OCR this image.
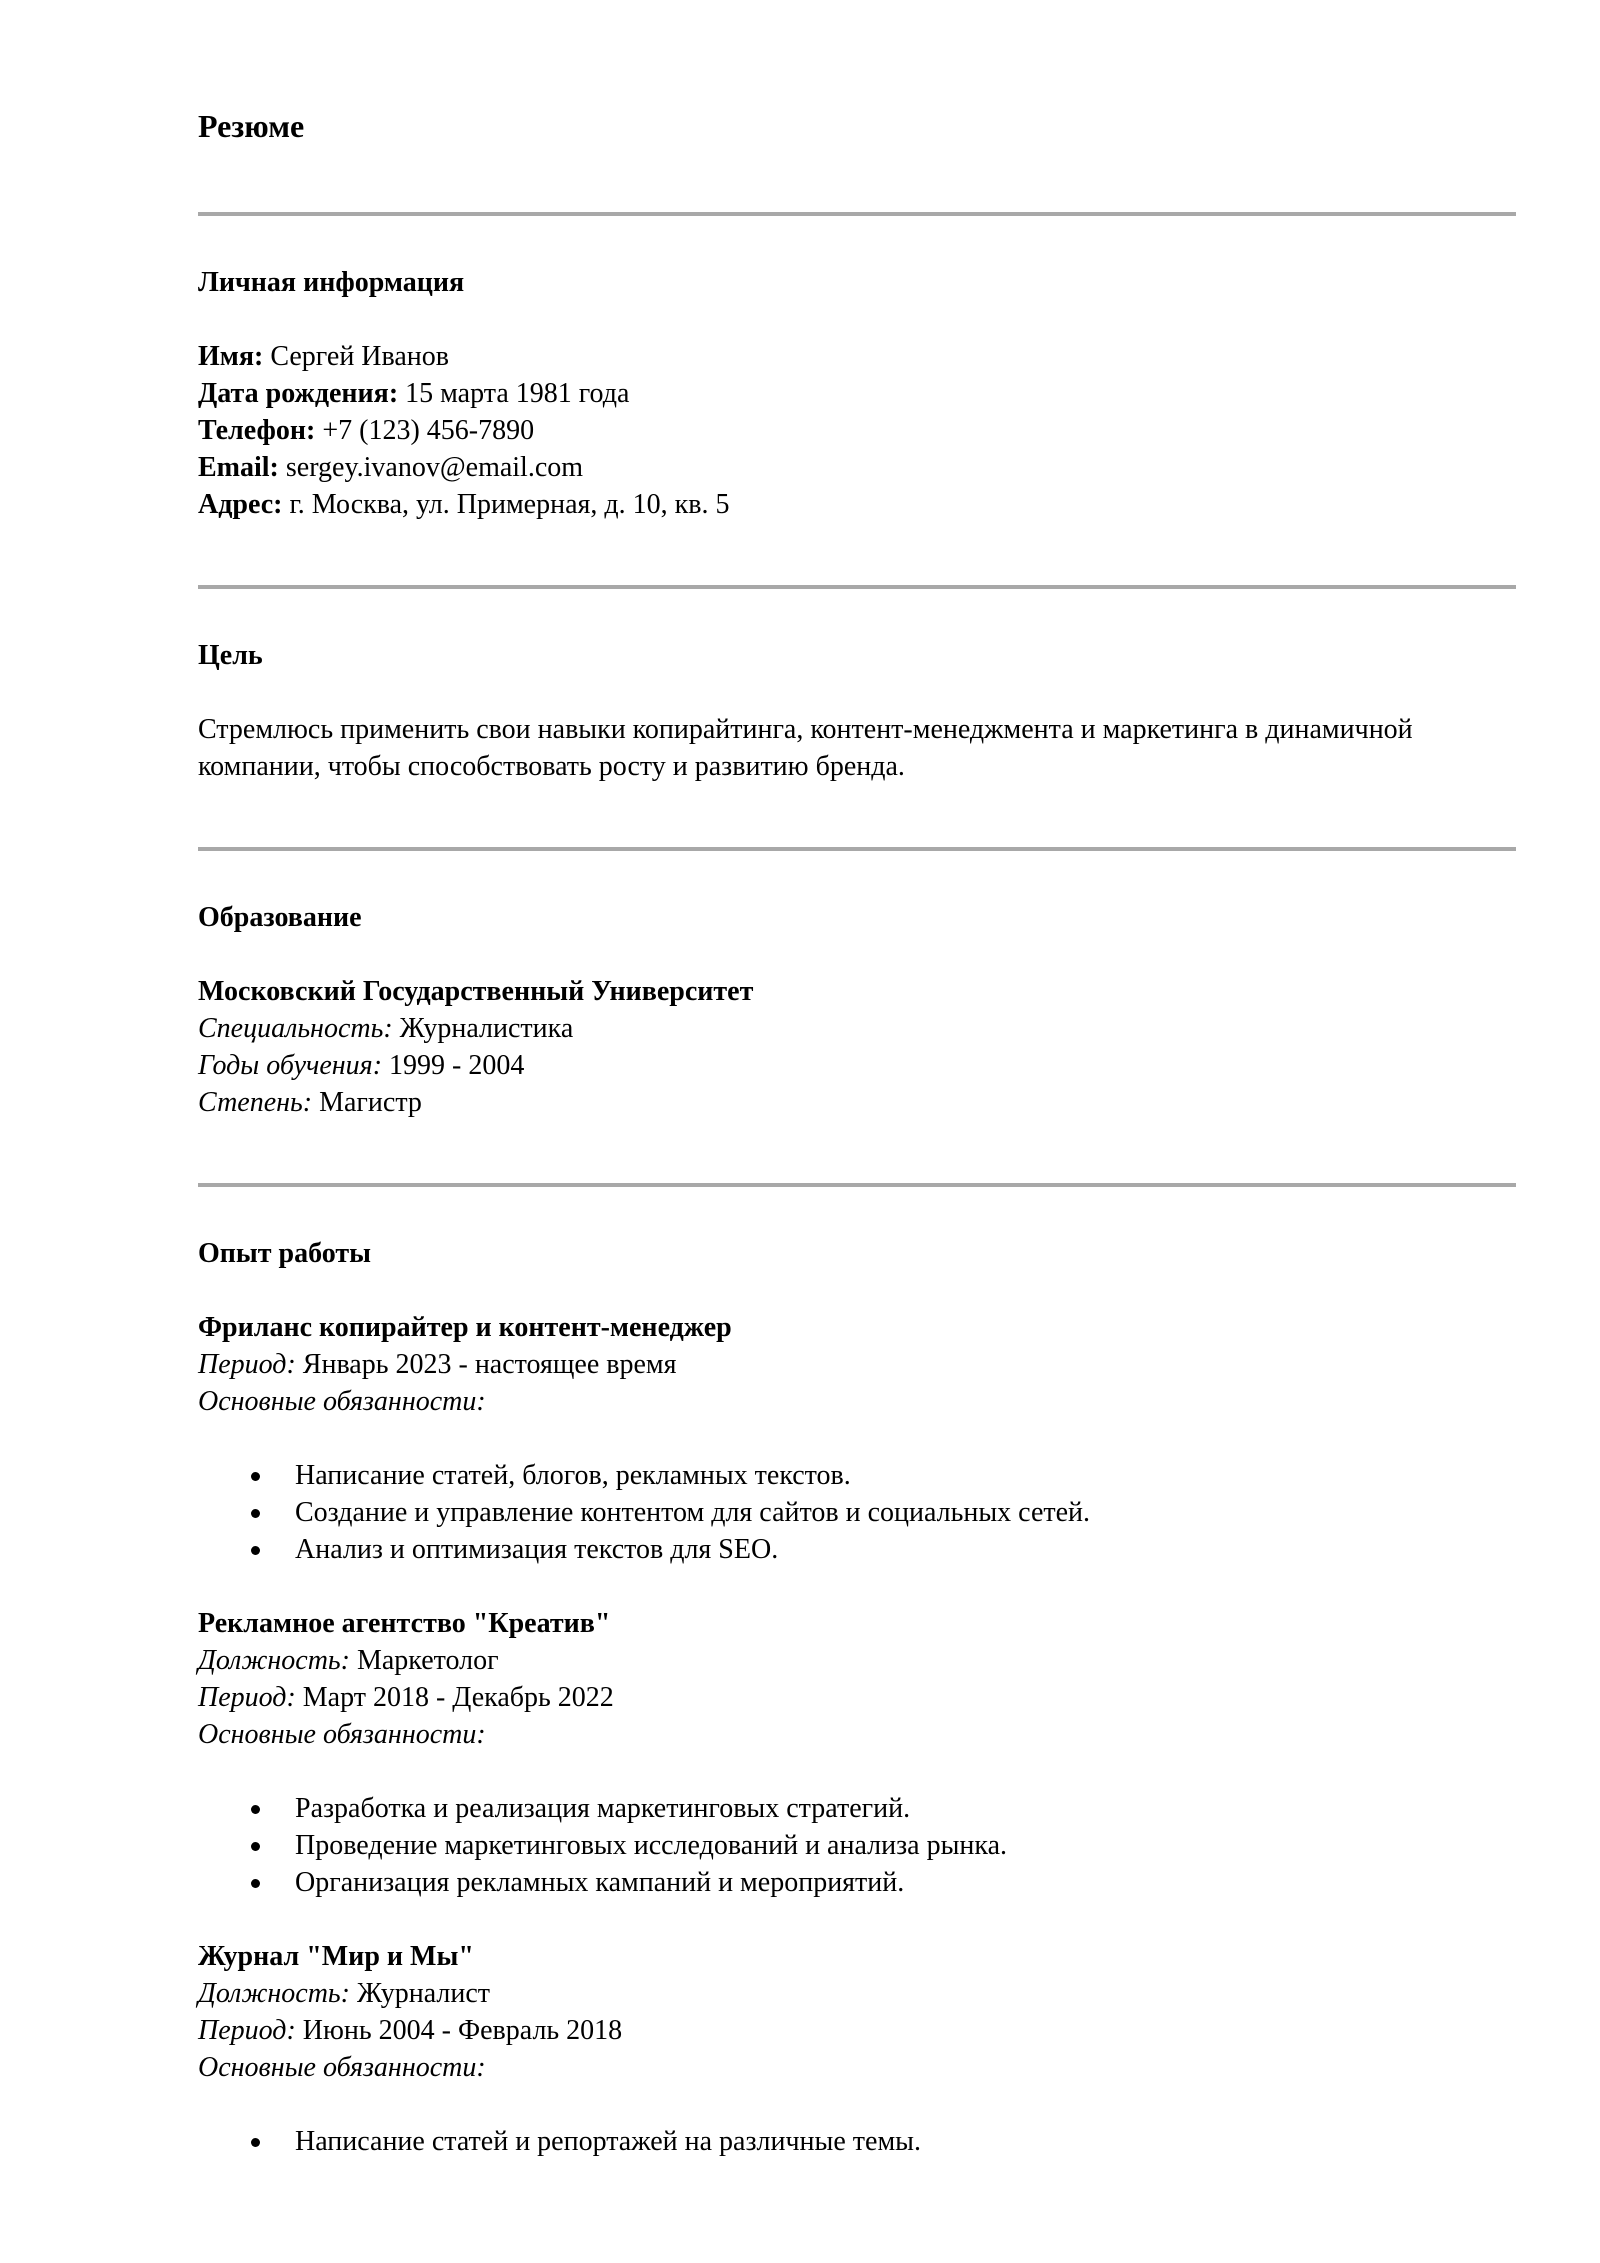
Резюме
Личная информация
Имя: Сергей Иванов
Дата рождения: 15 марта 1981 года
Телефон: +7 (123) 456-7890
Email: sergey.ivanov@email.com
Адрес: г. Москва, ул. Примерная, д. 10, кв. 5
Цель

Стремлюсь применить свои навыки копирайтинга, контент-менеджмента и маркетинга в динамичной компании, чтобы способствовать росту и развитию бренда.

Образование
Московский Государственный Университет
Специальность: Журналистика
Годы обучения: 1999 - 2004
Степень: Магистр
Опыт работы
Фриланс копирайтер и контент-менеджер
Период: Январь 2023 - настоящее время
Основные обязанности:
Написание статей, блогов, рекламных текстов.
Создание и управление контентом для сайтов и социальных сетей.
Анализ и оптимизация текстов для SEO.
Рекламное агентство "Креатив"
Должность: Маркетолог
Период: Март 2018 - Декабрь 2022
Основные обязанности:
Разработка и реализация маркетинговых стратегий.
Проведение маркетинговых исследований и анализа рынка.
Организация рекламных кампаний и мероприятий.
Журнал "Мир и Мы"
Должность: Журналист
Период: Июнь 2004 - Февраль 2018
Основные обязанности:
Написание статей и репортажей на различные темы.
